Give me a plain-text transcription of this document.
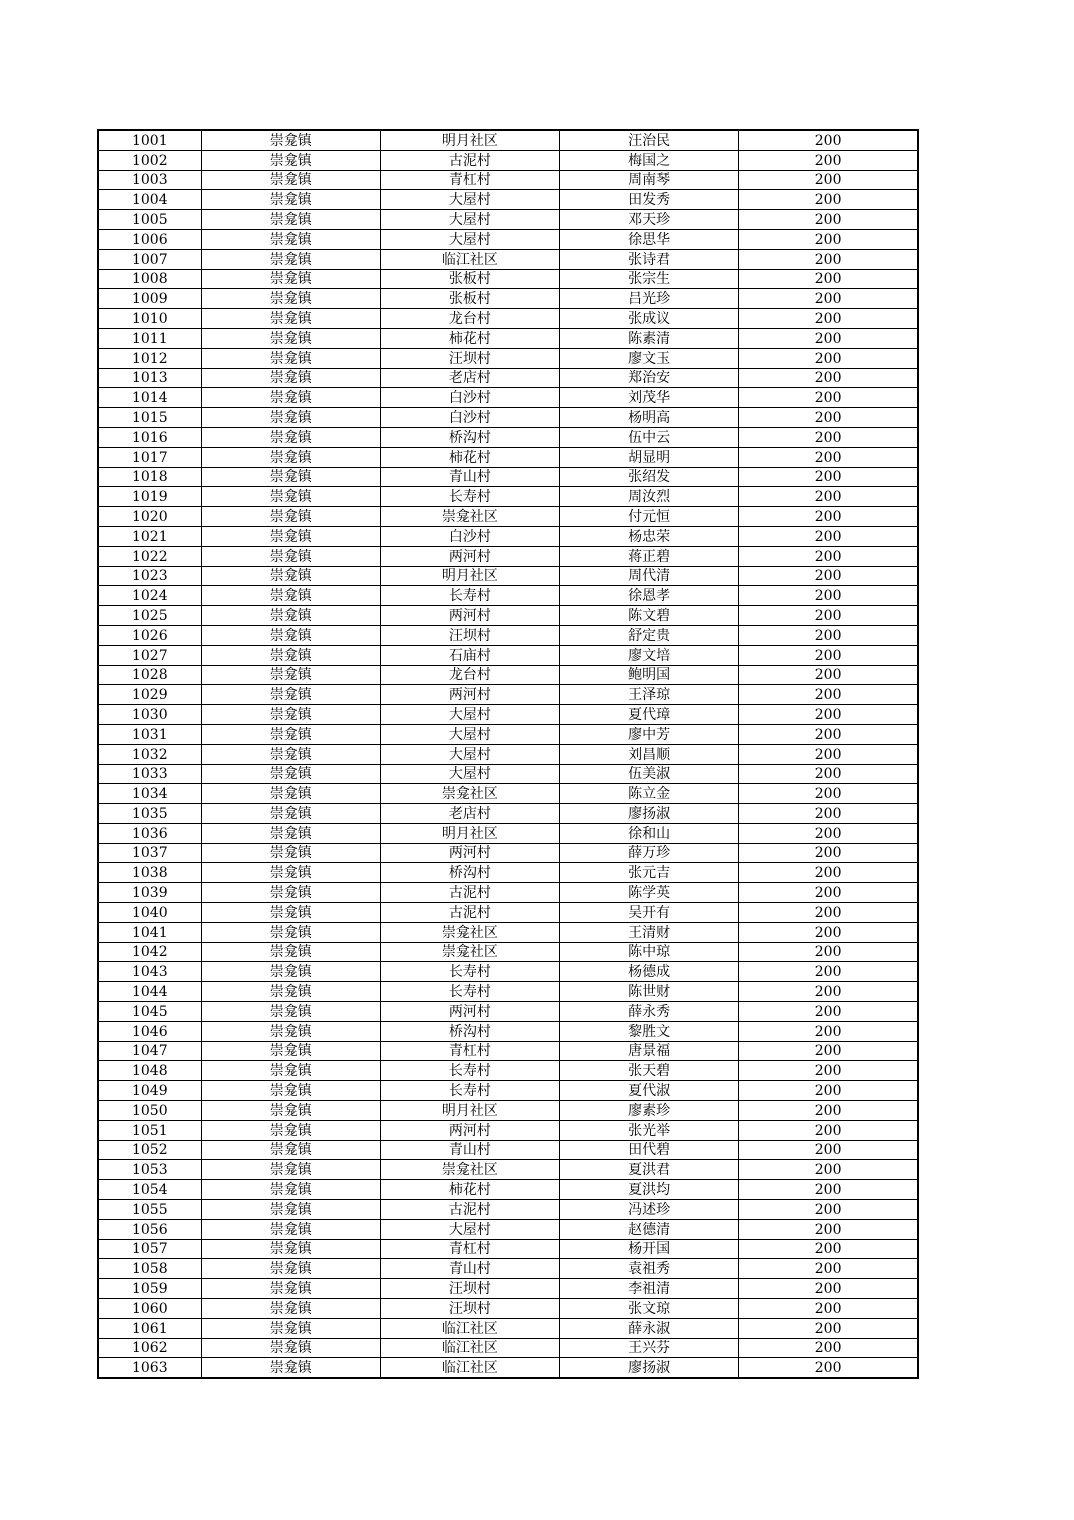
1001	崇龛镇	明月社区	汪治民	200
1002	崇龛镇	古泥村	梅国之	200
1003	崇龛镇	青杠村	周南琴	200
1004	崇龛镇	大屋村	田发秀	200
1005	崇龛镇	大屋村	邓天珍	200
1006	崇龛镇	大屋村	徐思华	200
1007	崇龛镇	临江社区	张诗君	200
1008	崇龛镇	张板村	张宗生	200
1009	崇龛镇	张板村	吕光珍	200
1010	崇龛镇	龙台村	张成议	200
1011	崇龛镇	柿花村	陈素清	200
1012	崇龛镇	汪坝村	廖文玉	200
1013	崇龛镇	老店村	郑治安	200
1014	崇龛镇	白沙村	刘茂华	200
1015	崇龛镇	白沙村	杨明高	200
1016	崇龛镇	桥沟村	伍中云	200
1017	崇龛镇	柿花村	胡显明	200
1018	崇龛镇	青山村	张绍发	200
1019	崇龛镇	长寿村	周汝烈	200
1020	崇龛镇	崇龛社区	付元恒	200
1021	崇龛镇	白沙村	杨忠荣	200
1022	崇龛镇	两河村	蒋正碧	200
1023	崇龛镇	明月社区	周代清	200
1024	崇龛镇	长寿村	徐恩孝	200
1025	崇龛镇	两河村	陈文碧	200
1026	崇龛镇	汪坝村	舒定贵	200
1027	崇龛镇	石庙村	廖文培	200
1028	崇龛镇	龙台村	鲍明国	200
1029	崇龛镇	两河村	王泽琼	200
1030	崇龛镇	大屋村	夏代璋	200
1031	崇龛镇	大屋村	廖中芳	200
1032	崇龛镇	大屋村	刘昌顺	200
1033	崇龛镇	大屋村	伍美淑	200
1034	崇龛镇	崇龛社区	陈立金	200
1035	崇龛镇	老店村	廖扬淑	200
1036	崇龛镇	明月社区	徐和山	200
1037	崇龛镇	两河村	薛万珍	200
1038	崇龛镇	桥沟村	张元吉	200
1039	崇龛镇	古泥村	陈学英	200
1040	崇龛镇	古泥村	吴开有	200
1041	崇龛镇	崇龛社区	王清财	200
1042	崇龛镇	崇龛社区	陈中琼	200
1043	崇龛镇	长寿村	杨德成	200
1044	崇龛镇	长寿村	陈世财	200
1045	崇龛镇	两河村	薛永秀	200
1046	崇龛镇	桥沟村	黎胜文	200
1047	崇龛镇	青杠村	唐景福	200
1048	崇龛镇	长寿村	张天碧	200
1049	崇龛镇	长寿村	夏代淑	200
1050	崇龛镇	明月社区	廖素珍	200
1051	崇龛镇	两河村	张光举	200
1052	崇龛镇	青山村	田代碧	200
1053	崇龛镇	崇龛社区	夏洪君	200
1054	崇龛镇	柿花村	夏洪均	200
1055	崇龛镇	古泥村	冯述珍	200
1056	崇龛镇	大屋村	赵德清	200
1057	崇龛镇	青杠村	杨开国	200
1058	崇龛镇	青山村	袁祖秀	200
1059	崇龛镇	汪坝村	李祖清	200
1060	崇龛镇	汪坝村	张文琼	200
1061	崇龛镇	临江社区	薛永淑	200
1062	崇龛镇	临江社区	王兴芬	200
1063	崇龛镇	临江社区	廖扬淑	200
